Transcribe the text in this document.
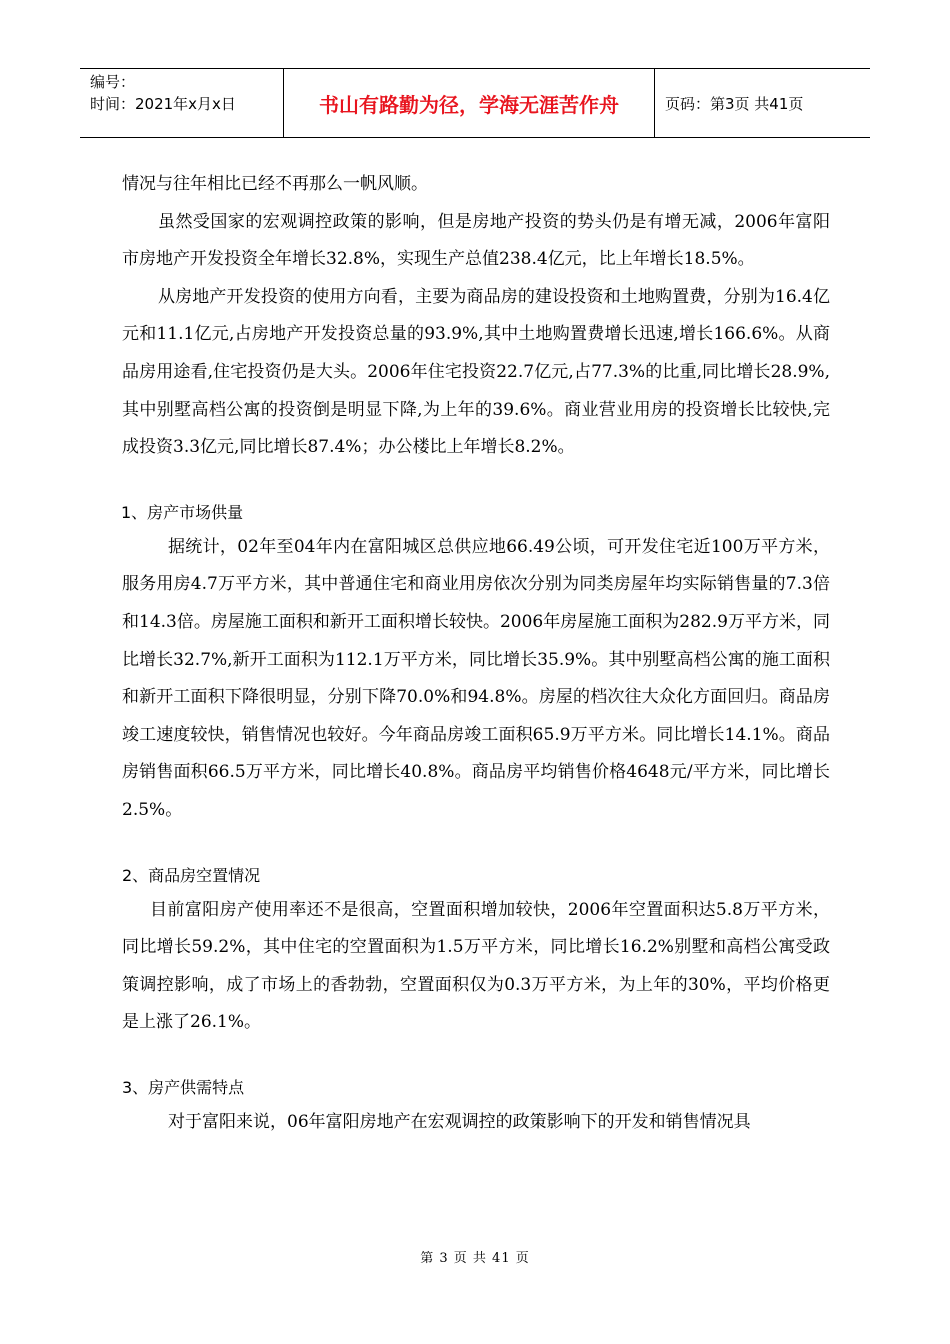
编号：
时间：2021年x月x日	书山有路勤为径，学海无涯苦作舟	页码：第3页 共41页

情况与往年相比已经不再那么一帆风顺。

虽然受国家的宏观调控政策的影响，但是房地产投资的势头仍是有增无减，2006年富阳市房地产开发投资全年增长32.8%，实现生产总值238.4亿元，比上年增长18.5%。

从房地产开发投资的使用方向看，主要为商品房的建设投资和土地购置费，分别为16.4亿元和11.1亿元,占房地产开发投资总量的93.9%,其中土地购置费增长迅速,增长166.6%。从商品房用途看,住宅投资仍是大头。2006年住宅投资22.7亿元,占77.3%的比重,同比增长28.9%,其中别墅高档公寓的投资倒是明显下降,为上年的39.6%。商业营业用房的投资增长比较快,完成投资3.3亿元,同比增长87.4%；办公楼比上年增长8.2%。

1、房产市场供量

据统计，02年至04年内在富阳城区总供应地66.49公顷，可开发住宅近100万平方米，服务用房4.7万平方米，其中普通住宅和商业用房依次分别为同类房屋年均实际销售量的7.3倍和14.3倍。房屋施工面积和新开工面积增长较快。2006年房屋施工面积为282.9万平方米，同比增长32.7%,新开工面积为112.1万平方米，同比增长35.9%。其中别墅高档公寓的施工面积和新开工面积下降很明显，分别下降70.0%和94.8%。房屋的档次往大众化方面回归。商品房竣工速度较快，销售情况也较好。今年商品房竣工面积65.9万平方米。同比增长14.1%。商品房销售面积66.5万平方米，同比增长40.8%。商品房平均销售价格4648元/平方米，同比增长2.5%。

2、商品房空置情况

目前富阳房产使用率还不是很高，空置面积增加较快，2006年空置面积达5.8万平方米，同比增长59.2%，其中住宅的空置面积为1.5万平方米，同比增长16.2%别墅和高档公寓受政策调控影响，成了市场上的香勃勃，空置面积仅为0.3万平方米，为上年的30%，平均价格更是上涨了26.1%。

3、房产供需特点

对于富阳来说，06年富阳房地产在宏观调控的政策影响下的开发和销售情况具

第 3 页 共 41 页
